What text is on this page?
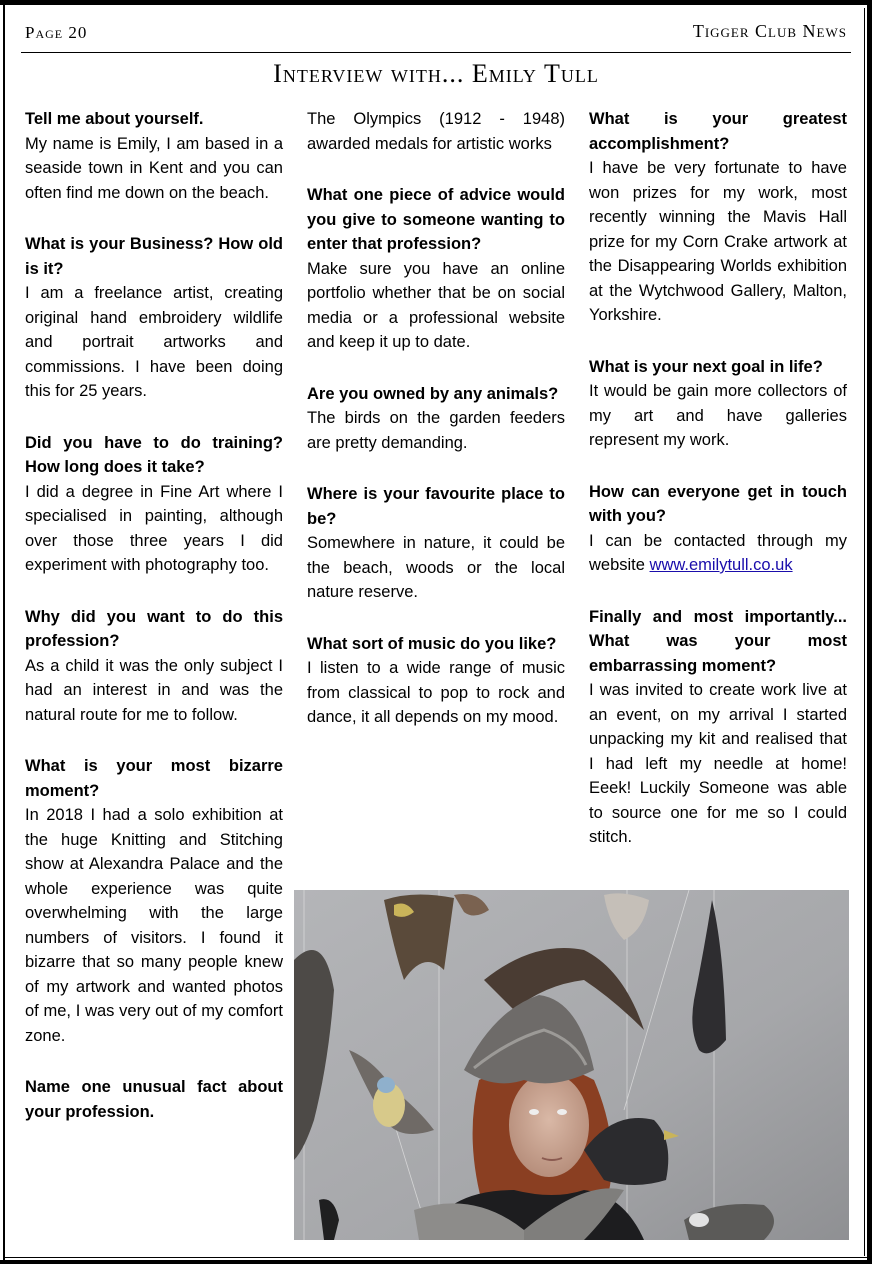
Page 20	Tigger Club News
Interview with... Emily Tull
Tell me about yourself.
My name is Emily, I am based in a seaside town in Kent and you can often find me down on the beach.
What is your Business? How old is it?
I am a freelance artist, creating original hand embroidery wildlife and portrait artworks and commissions. I have been doing this for 25 years.
Did you have to do training? How long does it take?
I did a degree in Fine Art where I specialised in painting, although over those three years I did experiment with photography too.
Why did you want to do this profession?
As a child it was the only subject I had an interest in and was the natural route for me to follow.
What is your most bizarre moment?
In 2018 I had a solo exhibition at the huge Knitting and Stitching show at Alexandra Palace and the whole experience was quite overwhelming with the large numbers of visitors. I found it bizarre that so many people knew of my artwork and wanted photos of me, I was very out of my comfort zone.
Name one unusual fact about your profession.
The Olympics (1912 - 1948) awarded medals for artistic works
What one piece of advice would you give to someone wanting to enter that profession?
Make sure you have an online portfolio whether that be on social media or a professional website and keep it up to date.
Are you owned by any animals?
The birds on the garden feeders are pretty demanding.
Where is your favourite place to be?
Somewhere in nature, it could be the beach, woods or the local nature reserve.
What sort of music do you like?
I listen to a wide range of music from classical to pop to rock and dance, it all depends on my mood.
What is your greatest accomplishment?
I have be very fortunate to have won prizes for my work, most recently winning the Mavis Hall prize for my Corn Crake artwork at the Disappearing Worlds exhibition at the Wytchwood Gallery, Malton, Yorkshire.
What is your next goal in life?
It would be gain more collectors of my art and have galleries represent my work.
How can everyone get in touch with you?
I can be contacted through my website www.emilytull.co.uk
Finally and most importantly... What was your most embarrassing moment?
I was invited to create work live at an event, on my arrival I started unpacking my kit and realised that I had left my needle at home! Eeek! Luckily Someone was able to source one for me so I could stitch.
